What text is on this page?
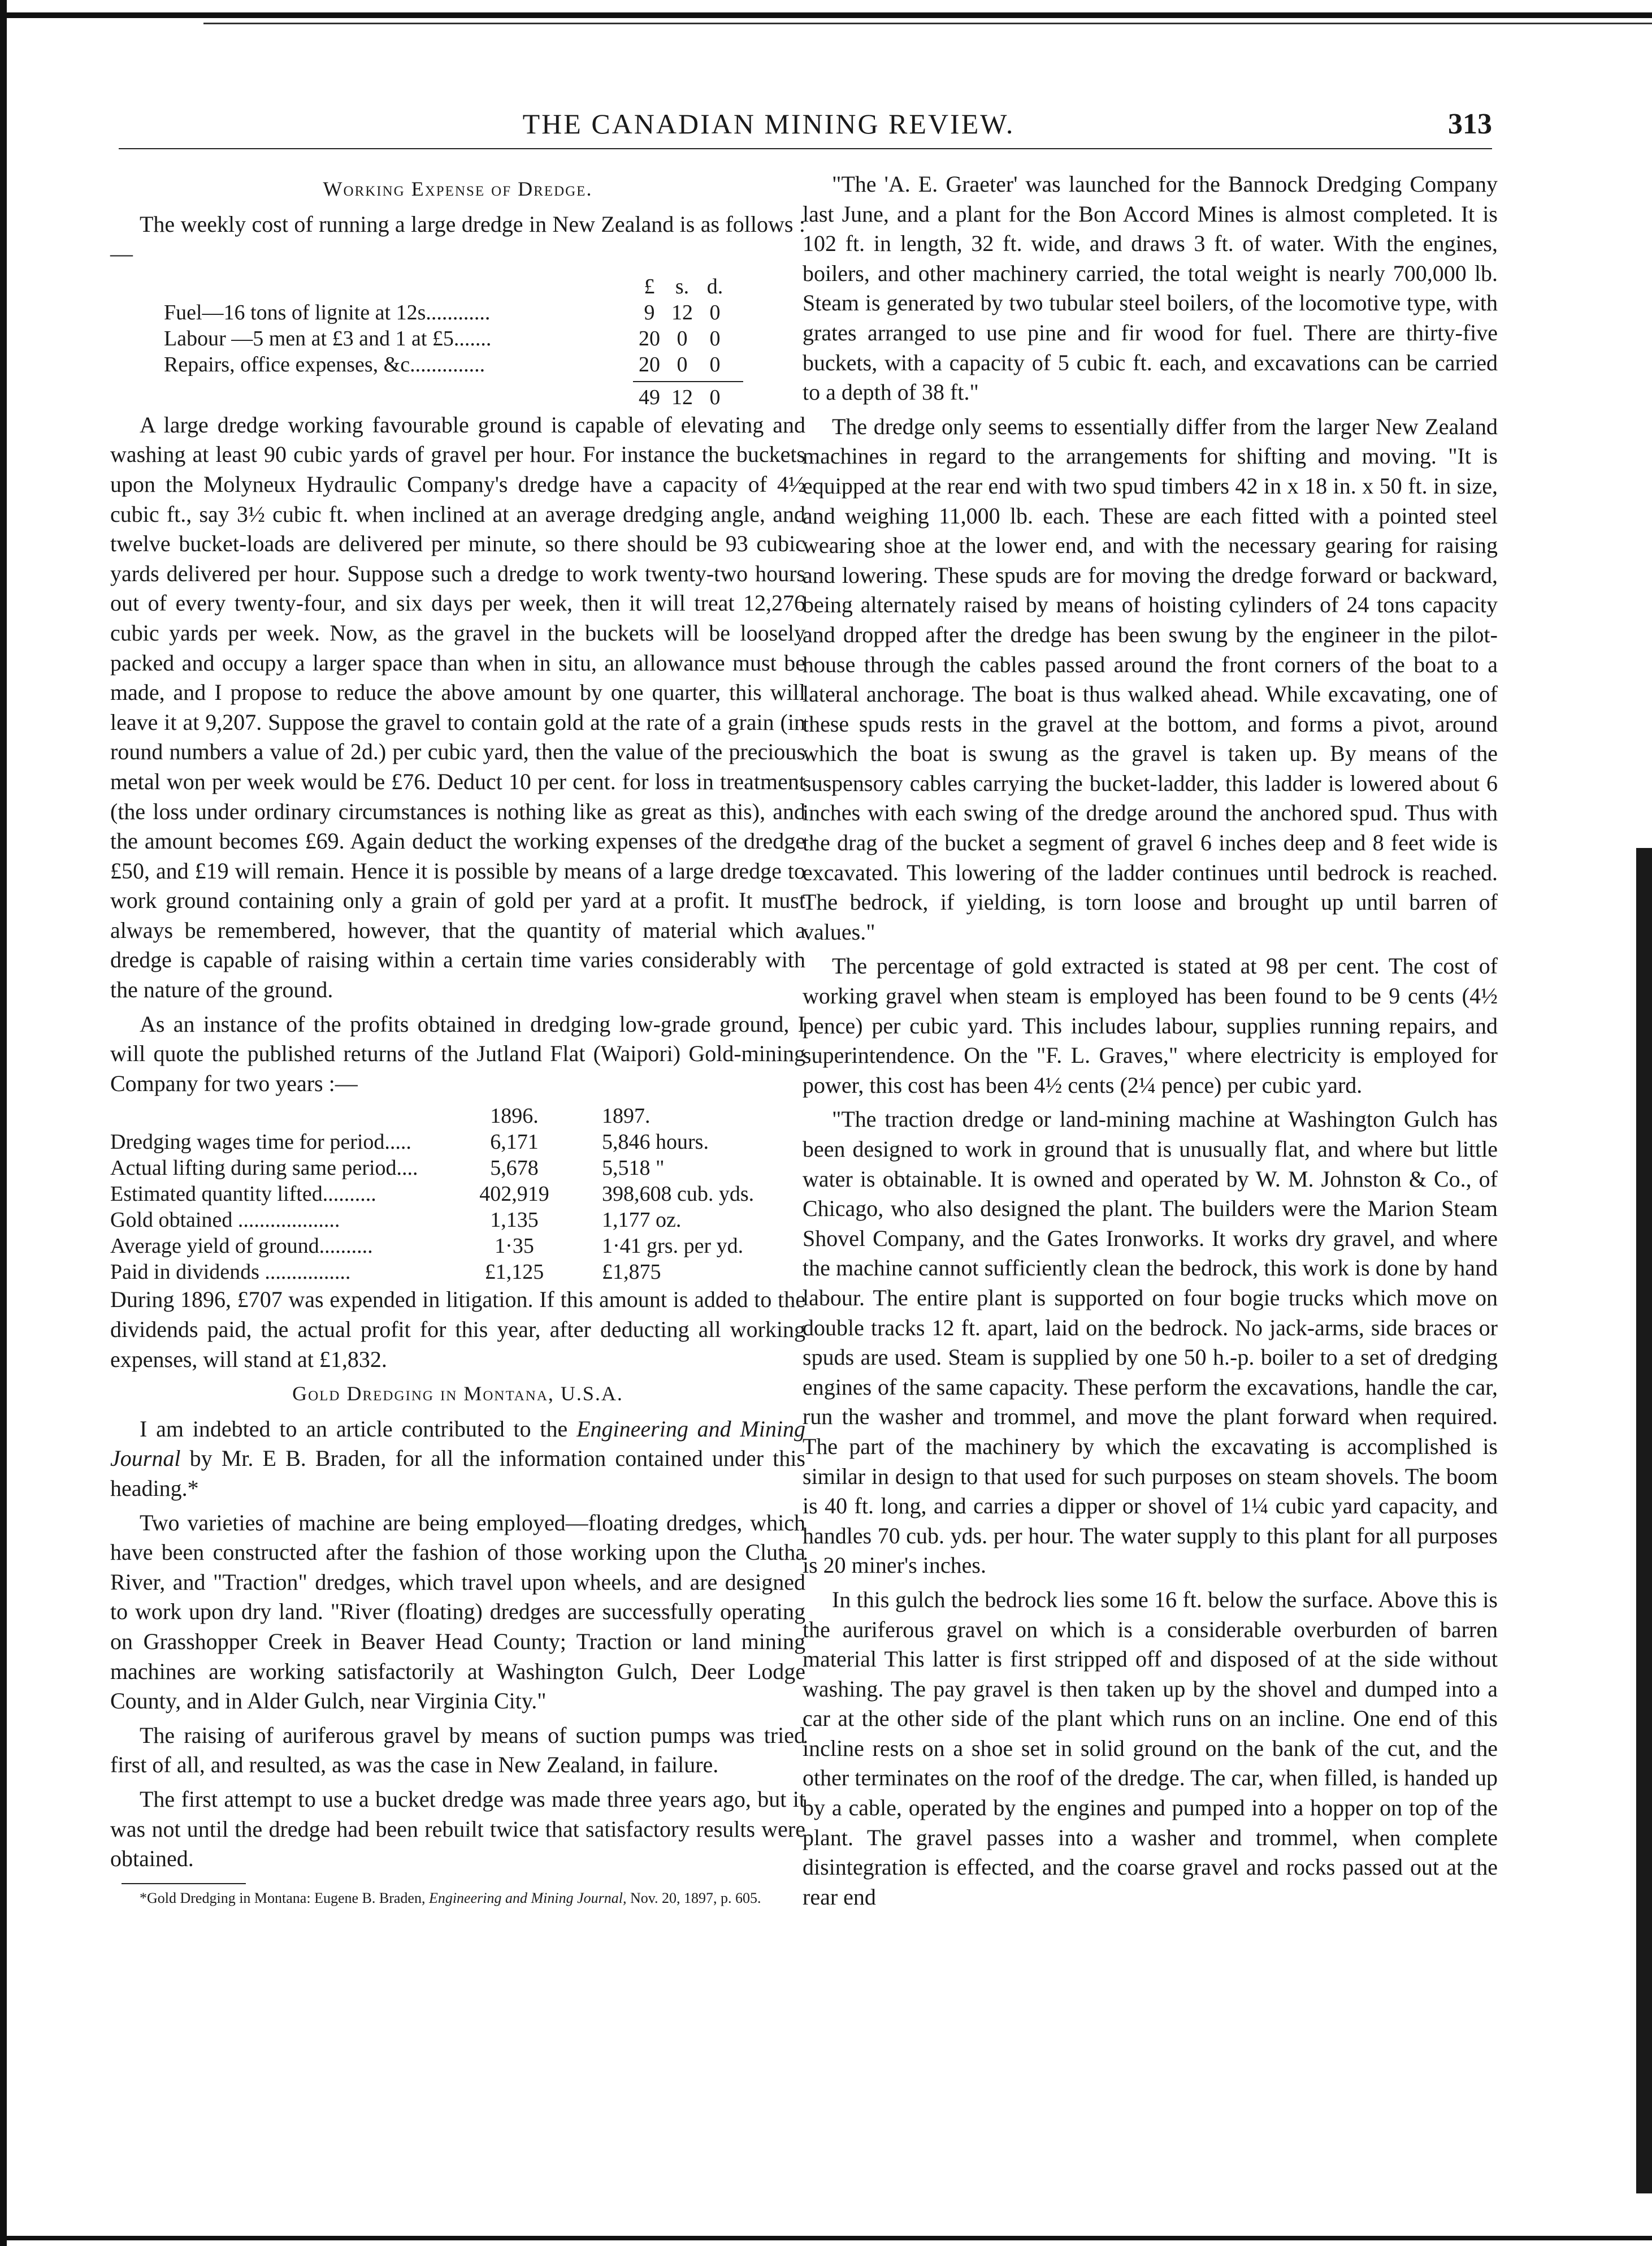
THE CANADIAN MINING REVIEW.	313
Working Expense of Dredge.

The weekly cost of running a large dredge in New Zealand is as follows :—

	£	s.	d.
Fuel—16 tons of lignite at 12s............	9	12	0
Labour —5 men at £3 and 1 at £5.......	20	0	0
Repairs, office expenses, &c..............	20	0	0
	49	12	0

A large dredge working favourable ground is capable of elevating and washing at least 90 cubic yards of gravel per hour. For instance the buckets upon the Molyneux Hydraulic Company's dredge have a capacity of 4½ cubic ft., say 3½ cubic ft. when inclined at an average dredging angle, and twelve bucket-loads are delivered per minute, so there should be 93 cubic yards delivered per hour. Suppose such a dredge to work twenty-two hours out of every twenty-four, and six days per week, then it will treat 12,276 cubic yards per week. Now, as the gravel in the buckets will be loosely packed and occupy a larger space than when in situ, an allowance must be made, and I propose to reduce the above amount by one quarter, this will leave it at 9,207. Suppose the gravel to contain gold at the rate of a grain (in round numbers a value of 2d.) per cubic yard, then the value of the precious metal won per week would be £76. Deduct 10 per cent. for loss in treatment (the loss under ordinary circumstances is nothing like as great as this), and the amount becomes £69. Again deduct the working expenses of the dredge £50, and £19 will remain. Hence it is possible by means of a large dredge to work ground containing only a grain of gold per yard at a profit. It must always be remembered, however, that the quantity of material which a dredge is capable of raising within a certain time varies considerably with the nature of the ground.

As an instance of the profits obtained in dredging low-grade ground, I will quote the published returns of the Jutland Flat (Waipori) Gold-mining Company for two years :—

	1896.	1897.
Dredging wages time for period.....	6,171	5,846 hours.
Actual lifting during same period....	5,678	5,518 "
Estimated quantity lifted..........	402,919	398,608 cub. yds.
Gold obtained ...................	1,135	1,177 oz.
Average yield of ground..........	1·35	1·41 grs. per yd.
Paid in dividends ................	£1,125	£1,875

During 1896, £707 was expended in litigation. If this amount is added to the dividends paid, the actual profit for this year, after deducting all working expenses, will stand at £1,832.

Gold Dredging in Montana, U.S.A.

I am indebted to an article contributed to the Engineering and Mining Journal by Mr. E B. Braden, for all the information contained under this heading.*

Two varieties of machine are being employed—floating dredges, which have been constructed after the fashion of those working upon the Clutha River, and "Traction" dredges, which travel upon wheels, and are designed to work upon dry land. "River (floating) dredges are successfully operating on Grasshopper Creek in Beaver Head County; Traction or land mining machines are working satisfactorily at Washington Gulch, Deer Lodge County, and in Alder Gulch, near Virginia City."

The raising of auriferous gravel by means of suction pumps was tried first of all, and resulted, as was the case in New Zealand, in failure.

The first attempt to use a bucket dredge was made three years ago, but it was not until the dredge had been rebuilt twice that satisfactory results were obtained.

*Gold Dredging in Montana: Eugene B. Braden, Engineering and Mining Journal, Nov. 20, 1897, p. 605.

"The 'A. E. Graeter' was launched for the Bannock Dredging Company last June, and a plant for the Bon Accord Mines is almost completed. It is 102 ft. in length, 32 ft. wide, and draws 3 ft. of water. With the engines, boilers, and other machinery carried, the total weight is nearly 700,000 lb. Steam is generated by two tubular steel boilers, of the locomotive type, with grates arranged to use pine and fir wood for fuel. There are thirty-five buckets, with a capacity of 5 cubic ft. each, and excavations can be carried to a depth of 38 ft."

The dredge only seems to essentially differ from the larger New Zealand machines in regard to the arrangements for shifting and moving. "It is equipped at the rear end with two spud timbers 42 in x 18 in. x 50 ft. in size, and weighing 11,000 lb. each. These are each fitted with a pointed steel wearing shoe at the lower end, and with the necessary gearing for raising and lowering. These spuds are for moving the dredge forward or backward, being alternately raised by means of hoisting cylinders of 24 tons capacity and dropped after the dredge has been swung by the engineer in the pilot-house through the cables passed around the front corners of the boat to a lateral anchorage. The boat is thus walked ahead. While excavating, one of these spuds rests in the gravel at the bottom, and forms a pivot, around which the boat is swung as the gravel is taken up. By means of the suspensory cables carrying the bucket-ladder, this ladder is lowered about 6 inches with each swing of the dredge around the anchored spud. Thus with the drag of the bucket a segment of gravel 6 inches deep and 8 feet wide is excavated. This lowering of the ladder continues until bedrock is reached. The bedrock, if yielding, is torn loose and brought up until barren of values."

The percentage of gold extracted is stated at 98 per cent. The cost of working gravel when steam is employed has been found to be 9 cents (4½ pence) per cubic yard. This includes labour, supplies running repairs, and superintendence. On the "F. L. Graves," where electricity is employed for power, this cost has been 4½ cents (2¼ pence) per cubic yard.

"The traction dredge or land-mining machine at Washington Gulch has been designed to work in ground that is unusually flat, and where but little water is obtainable. It is owned and operated by W. M. Johnston & Co., of Chicago, who also designed the plant. The builders were the Marion Steam Shovel Company, and the Gates Ironworks. It works dry gravel, and where the machine cannot sufficiently clean the bedrock, this work is done by hand labour. The entire plant is supported on four bogie trucks which move on double tracks 12 ft. apart, laid on the bedrock. No jack-arms, side braces or spuds are used. Steam is supplied by one 50 h.-p. boiler to a set of dredging engines of the same capacity. These perform the excavations, handle the car, run the washer and trommel, and move the plant forward when required. The part of the machinery by which the excavating is accomplished is similar in design to that used for such purposes on steam shovels. The boom is 40 ft. long, and carries a dipper or shovel of 1¼ cubic yard capacity, and handles 70 cub. yds. per hour. The water supply to this plant for all purposes is 20 miner's inches.

In this gulch the bedrock lies some 16 ft. below the surface. Above this is the auriferous gravel on which is a considerable overburden of barren material This latter is first stripped off and disposed of at the side without washing. The pay gravel is then taken up by the shovel and dumped into a car at the other side of the plant which runs on an incline. One end of this incline rests on a shoe set in solid ground on the bank of the cut, and the other terminates on the roof of the dredge. The car, when filled, is handed up by a cable, operated by the engines and pumped into a hopper on top of the plant. The gravel passes into a washer and trommel, when complete disintegration is effected, and the coarse gravel and rocks passed out at the rear end
